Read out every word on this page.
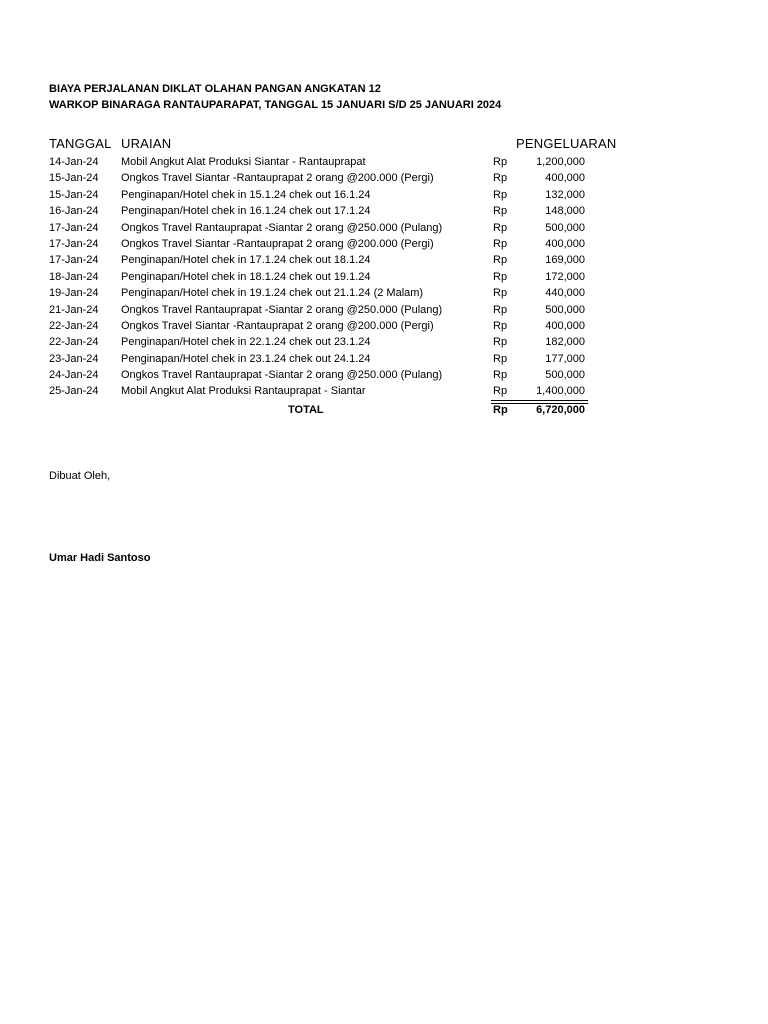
BIAYA PERJALANAN DIKLAT OLAHAN PANGAN ANGKATAN 12
WARKOP BINARAGA RANTAUPARAPAT, TANGGAL 15 JANUARI S/D 25 JANUARI 2024
TANGGAL URAIAN	PENGELUARAN
14-Jan-24 Mobil Angkut Alat Produksi Siantar - Rantauprapat	Rp	1,200,000
15-Jan-24 Ongkos Travel Siantar -Rantauprapat 2 orang @200.000 (Pergi)	Rp	400,000
15-Jan-24 Penginapan/Hotel chek in 15.1.24 chek out 16.1.24	Rp	132,000
16-Jan-24 Penginapan/Hotel chek in 16.1.24 chek out 17.1.24	Rp	148,000
17-Jan-24 Ongkos Travel Rantauprapat -Siantar 2 orang @250.000 (Pulang)	Rp	500,000
17-Jan-24 Ongkos Travel Siantar -Rantauprapat 2 orang @200.000 (Pergi)	Rp	400,000
17-Jan-24 Penginapan/Hotel chek in 17.1.24 chek out 18.1.24	Rp	169,000
18-Jan-24 Penginapan/Hotel chek in 18.1.24 chek out 19.1.24	Rp	172,000
19-Jan-24 Penginapan/Hotel chek in 19.1.24 chek out 21.1.24 (2 Malam)	Rp	440,000
21-Jan-24 Ongkos Travel Rantauprapat -Siantar 2 orang @250.000 (Pulang)	Rp	500,000
22-Jan-24 Ongkos Travel Siantar -Rantauprapat 2 orang @200.000 (Pergi)	Rp	400,000
22-Jan-24 Penginapan/Hotel chek in 22.1.24 chek out 23.1.24	Rp	182,000
23-Jan-24 Penginapan/Hotel chek in 23.1.24 chek out 24.1.24	Rp	177,000
24-Jan-24 Ongkos Travel Rantauprapat -Siantar 2 orang @250.000 (Pulang)	Rp	500,000
25-Jan-24 Mobil Angkut Alat Produksi Rantauprapat - Siantar	Rp	1,400,000
TOTAL	Rp	6,720,000
Dibuat Oleh,
Umar Hadi Santoso
